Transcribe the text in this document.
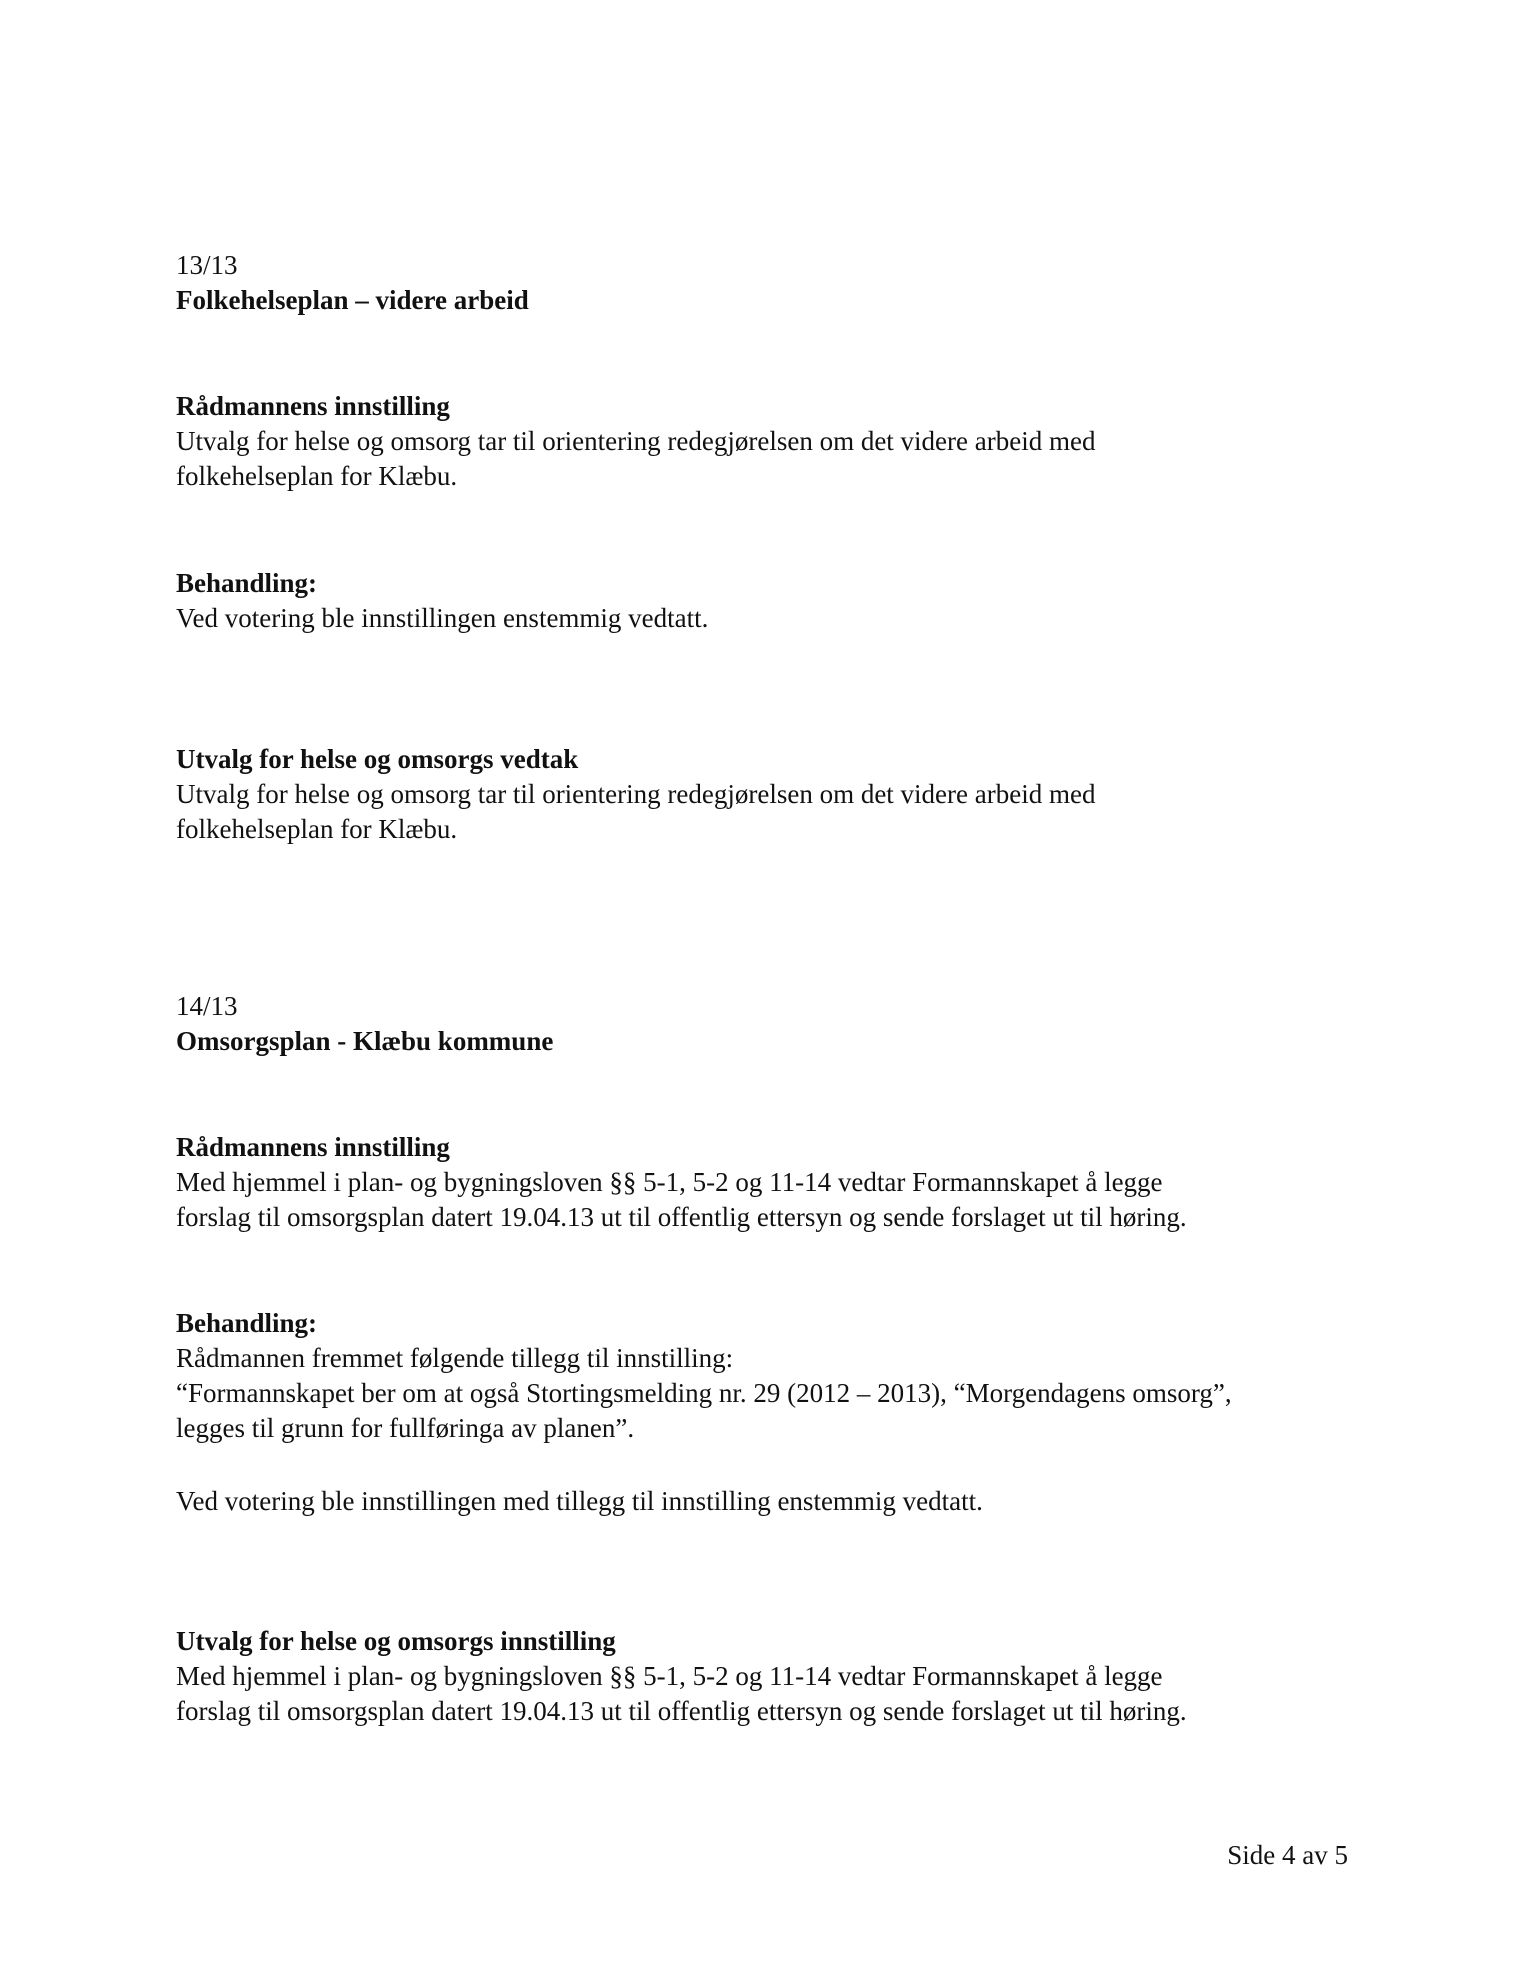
13/13
Folkehelseplan – videre arbeid
Rådmannens innstilling
Utvalg for helse og omsorg tar til orientering redegjørelsen om det videre arbeid med
folkehelseplan for Klæbu.
Behandling:
Ved votering ble innstillingen enstemmig vedtatt.
Utvalg for helse og omsorgs vedtak
Utvalg for helse og omsorg tar til orientering redegjørelsen om det videre arbeid med
folkehelseplan for Klæbu.
14/13
Omsorgsplan - Klæbu kommune
Rådmannens innstilling
Med hjemmel i plan- og bygningsloven §§ 5-1, 5-2 og 11-14 vedtar Formannskapet å legge
forslag til omsorgsplan datert 19.04.13 ut til offentlig ettersyn og sende forslaget ut til høring.
Behandling:
Rådmannen fremmet følgende tillegg til innstilling:
“Formannskapet ber om at også Stortingsmelding nr. 29 (2012 – 2013), “Morgendagens omsorg”,
legges til grunn for fullføringa av planen”.
Ved votering ble innstillingen med tillegg til innstilling enstemmig vedtatt.
Utvalg for helse og omsorgs innstilling
Med hjemmel i plan- og bygningsloven §§ 5-1, 5-2 og 11-14 vedtar Formannskapet å legge
forslag til omsorgsplan datert 19.04.13 ut til offentlig ettersyn og sende forslaget ut til høring.
Side 4 av 5
